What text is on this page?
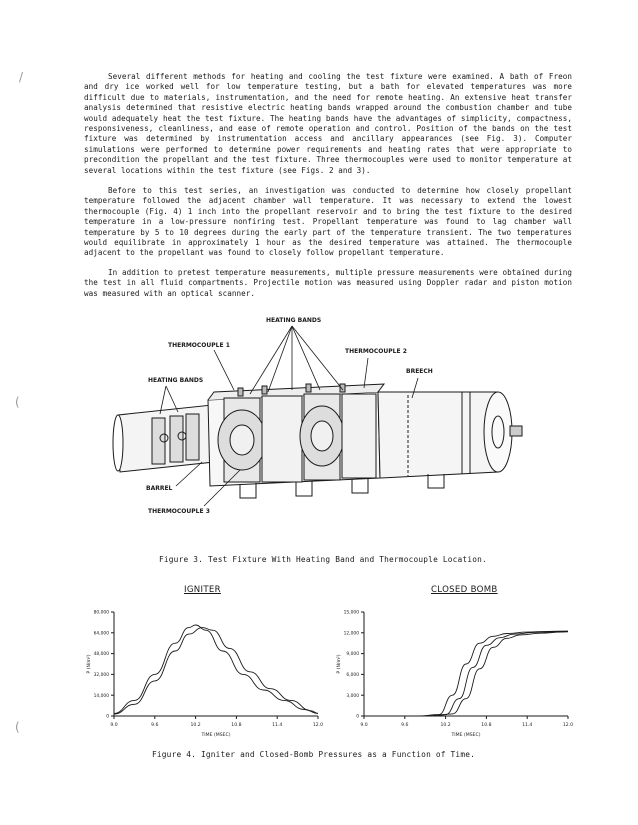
/
(
(
Several different methods for heating and cooling the test fixture were examined. A bath of Freon and dry ice worked well for low temperature testing, but a bath for elevated temperatures was more difficult due to materials, instrumentation, and the need for remote heating. An extensive heat transfer analysis determined that resistive electric heating bands wrapped around the combustion chamber and tube would adequately heat the test fixture. The heating bands have the advantages of simplicity, compactness, responsiveness, cleanliness, and ease of remote operation and control. Position of the bands on the test fixture was determined by instrumentation access and ancillary appearances (see Fig. 3). Computer simulations were performed to determine power requirements and heating rates that were appropriate to precondition the propellant and the test fixture. Three thermocouples were used to monitor temperature at several locations within the test fixture (see Figs. 2 and 3).
Before to this test series, an investigation was conducted to determine how closely propellant temperature followed the adjacent chamber wall temperature. It was necessary to extend the lowest thermocouple (Fig. 4) 1 inch into the propellant reservoir and to bring the test fixture to the desired temperature in a low-pressure nonfiring test. Propellant temperature was found to lag chamber wall temperature by 5 to 10 degrees during the early part of the temperature transient. The two temperatures would equilibrate in approximately 1 hour as the desired temperature was attained. The thermocouple adjacent to the propellant was found to closely follow propellant temperature.
In addition to pretest temperature measurements, multiple pressure measurements were obtained during the test in all fluid compartments. Projectile motion was measured using Doppler radar and piston motion was measured with an optical scanner.
HEATING BANDS
THERMOCOUPLE 1
THERMOCOUPLE 2
BREECH
HEATING BANDS
BARREL
THERMOCOUPLE 3
Figure 3. Test Fixture With Heating Band and Thermocouple Location.
IGNITER	CLOSED BOMB
9.0	9.6	10.2	10.8	11.4	12.0
0
14,000
32,000
48,000
64,000
80,000
TIME (MSEC)
P (N/m²)
9.0	9.6	10.2	10.8	11.4	12.0
0
3,000
6,000
9,000
12,000
15,000
TIME (MSEC)
P (N/m²)
Figure 4. Igniter and Closed-Bomb Pressures as a Function of Time.
